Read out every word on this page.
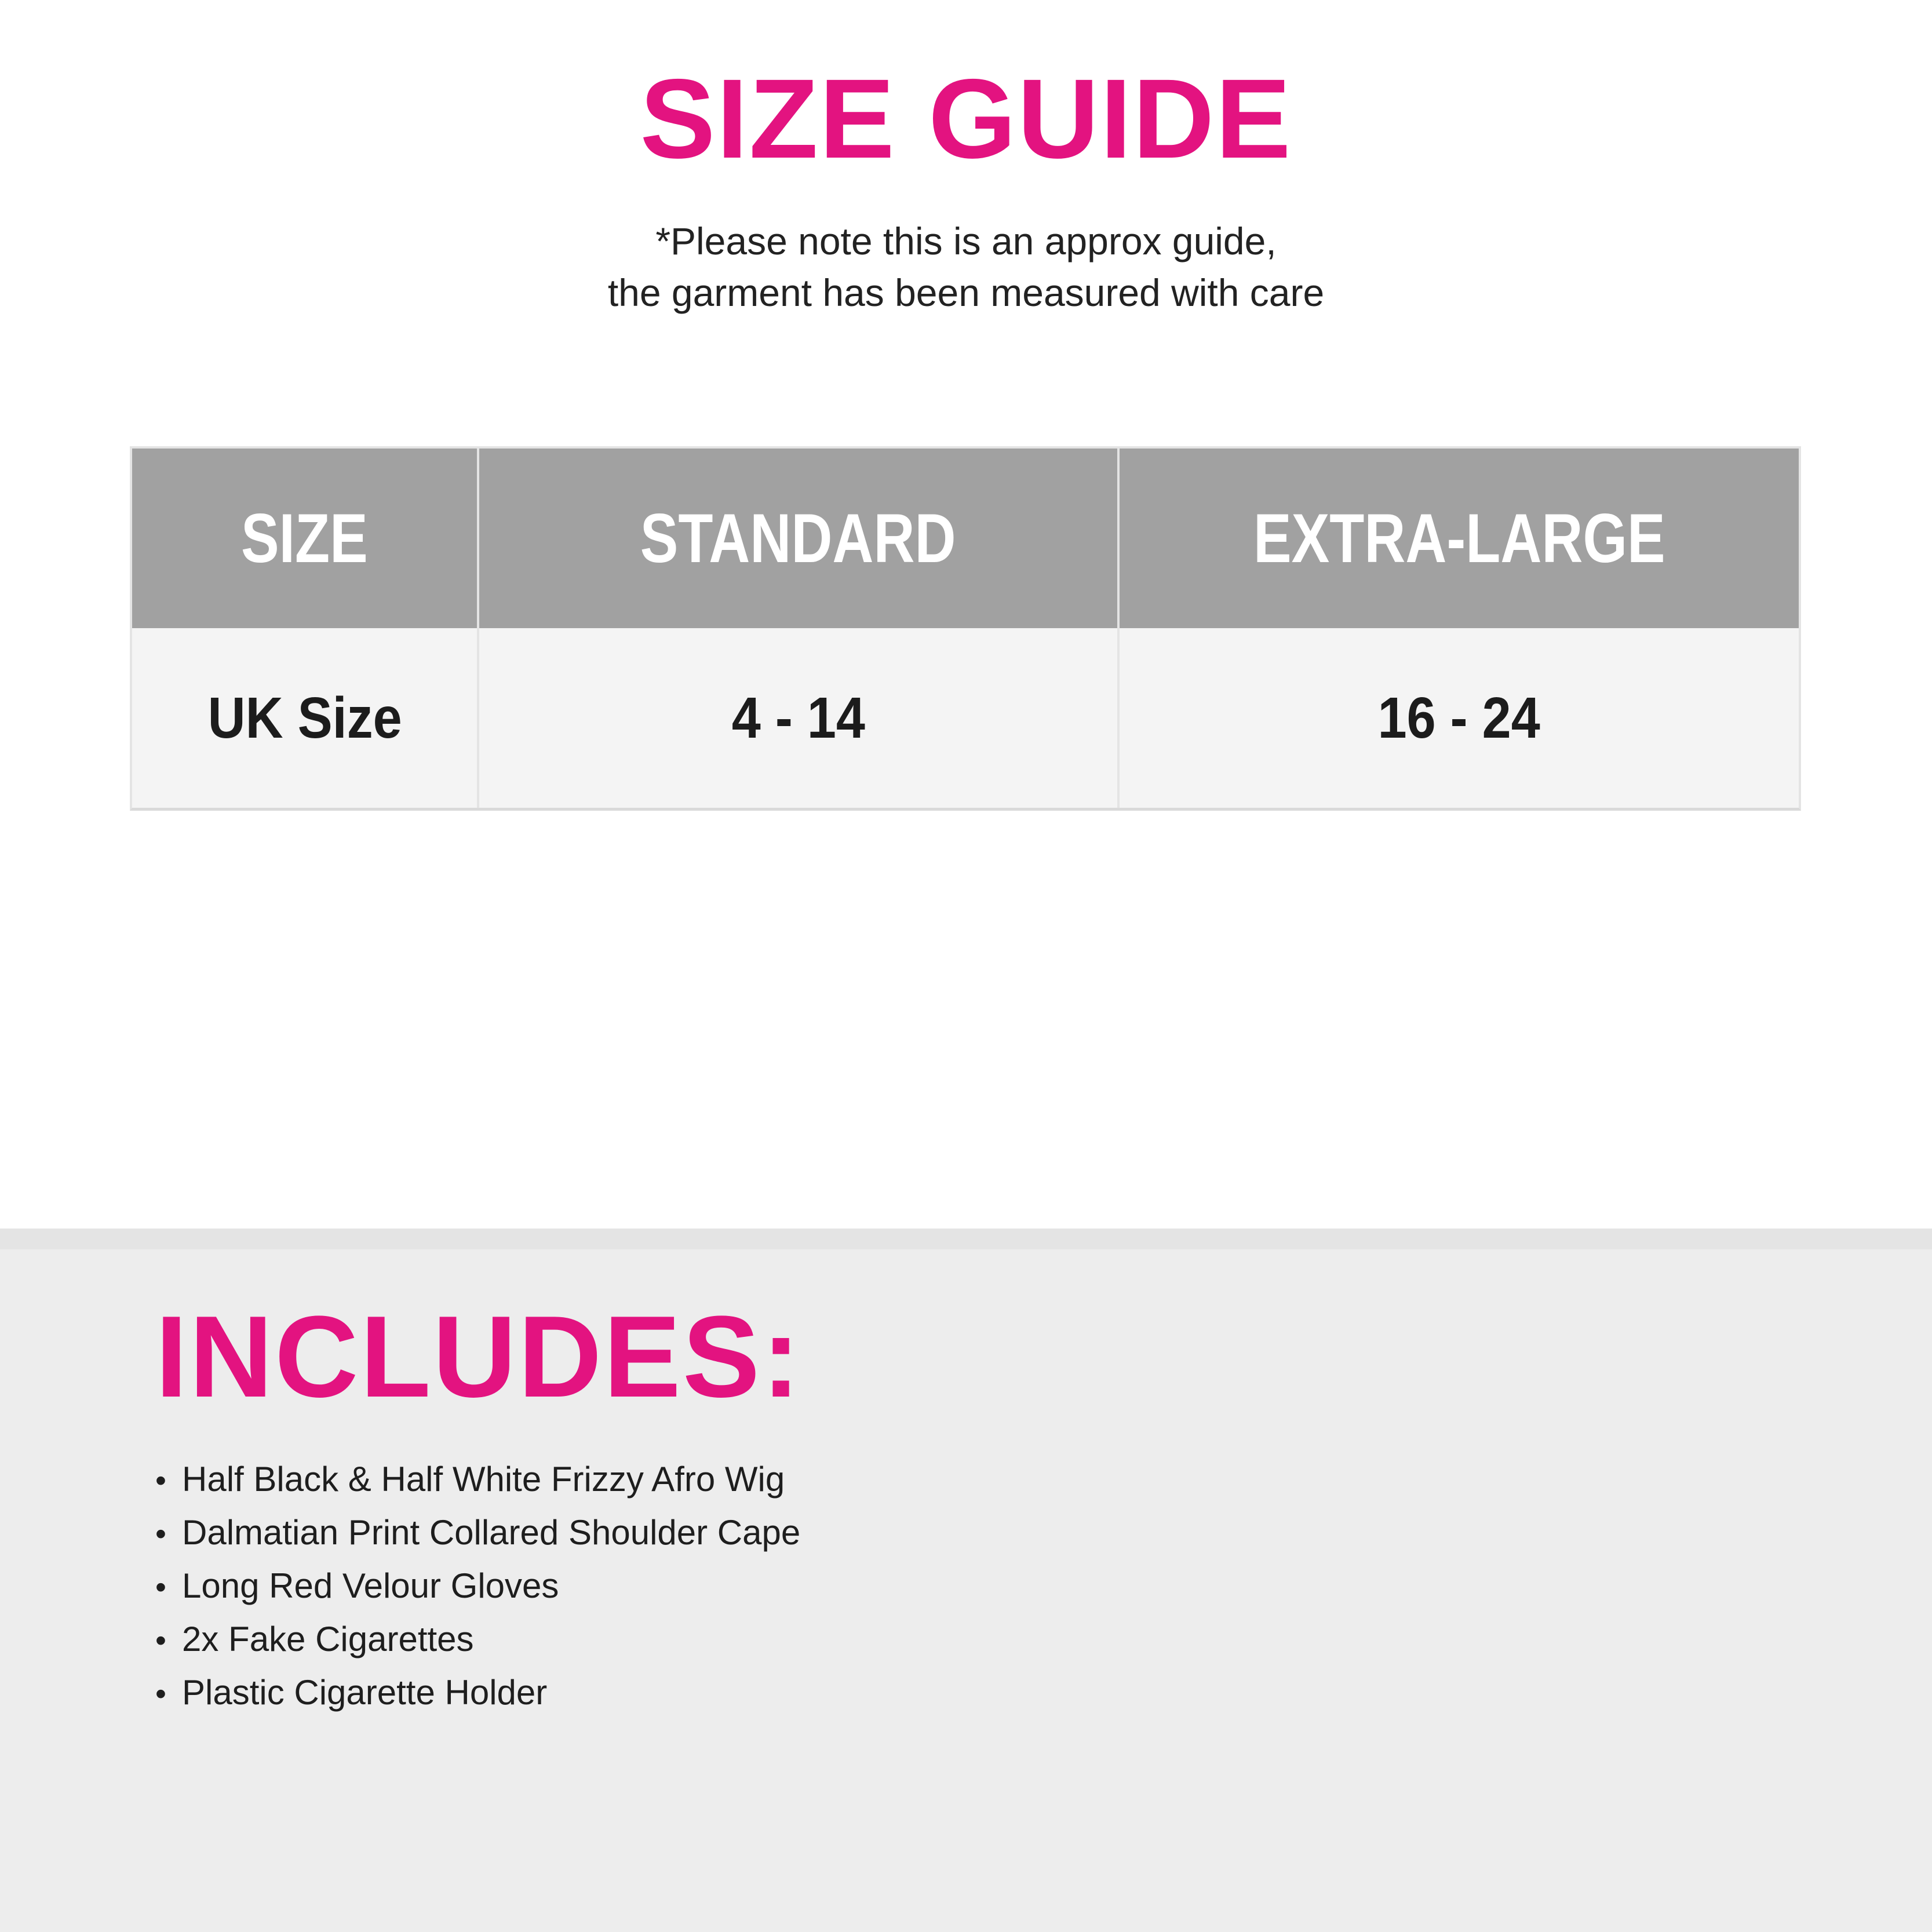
SIZE GUIDE
*Please note this is an approx guide,
the garment has been measured with care
SIZE	STANDARD	EXTRA-LARGE
UK Size	4 - 14	16 - 24
INCLUDES:
• Half Black & Half White Frizzy Afro Wig
• Dalmatian Print Collared Shoulder Cape
• Long Red Velour Gloves
• 2x Fake Cigarettes
• Plastic Cigarette Holder
